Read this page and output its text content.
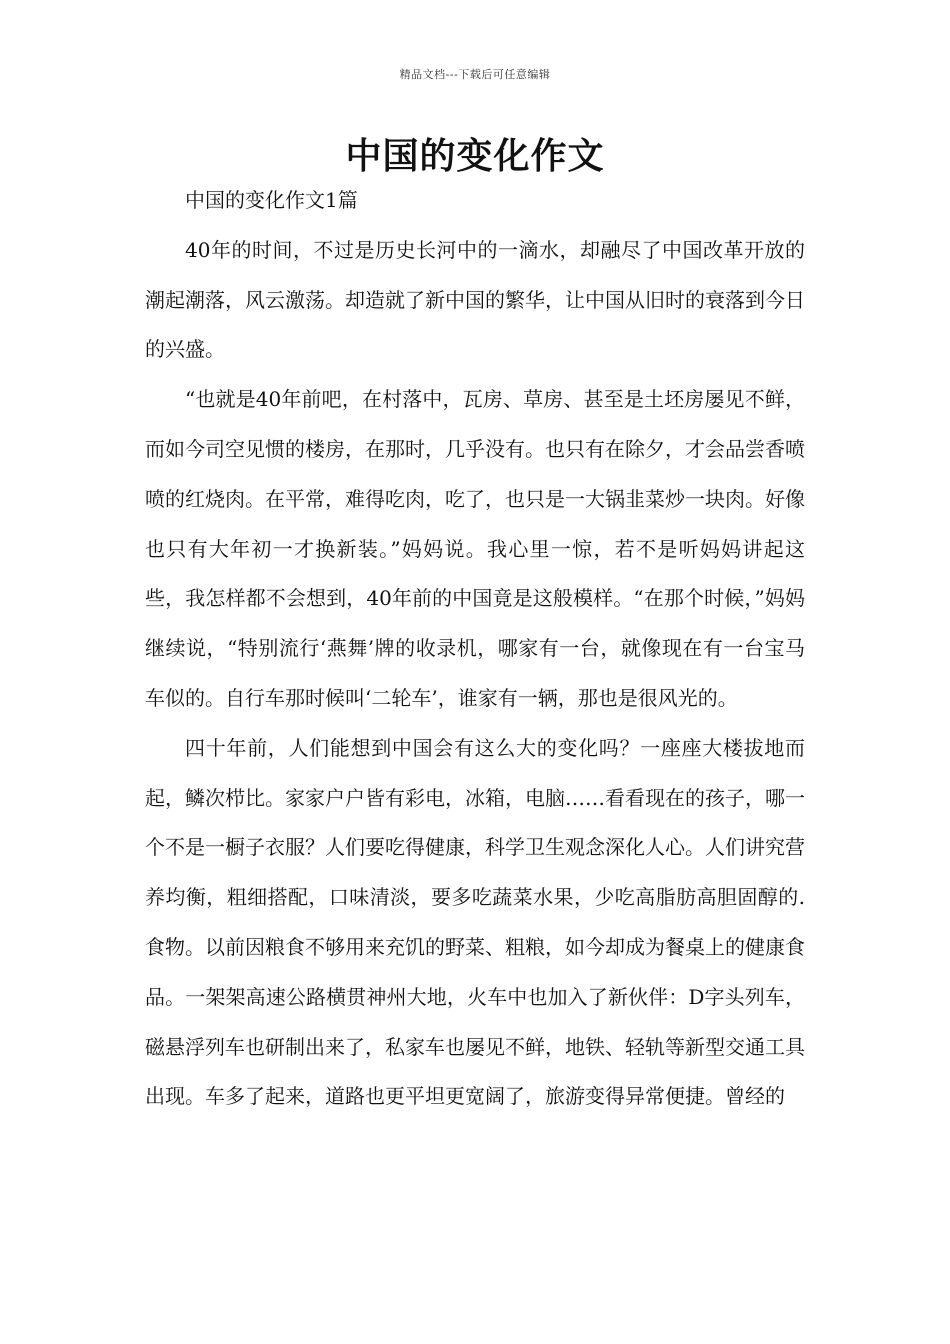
精品文档---下载后可任意编辑
中国的变化作文

中国的变化作文1篇

40年的时间，不过是历史长河中的一滴水，却融尽了中国改革开放的潮起潮落，风云激荡。却造就了新中国的繁华，让中国从旧时的衰落到今日的兴盛。

“也就是40年前吧，在村落中，瓦房、草房、甚至是土坯房屡见不鲜，而如今司空见惯的楼房，在那时，几乎没有。也只有在除夕，才会品尝香喷喷的红烧肉。在平常，难得吃肉，吃了，也只是一大锅韭菜炒一块肉。好像也只有大年初一才换新装。”妈妈说。我心里一惊，若不是听妈妈讲起这些，我怎样都不会想到，40年前的中国竟是这般模样。“在那个时候，”妈妈继续说，“特别流行‘燕舞’牌的收录机，哪家有一台，就像现在有一台宝马车似的。自行车那时候叫‘二轮车’，谁家有一辆，那也是很风光的。

四十年前，人们能想到中国会有这么大的变化吗？一座座大楼拔地而起，鳞次栉比。家家户户皆有彩电，冰箱，电脑……看看现在的孩子，哪一个不是一橱子衣服？人们要吃得健康，科学卫生观念深化人心。人们讲究营养均衡，粗细搭配，口味清淡，要多吃蔬菜水果，少吃高脂肪高胆固醇的.食物。以前因粮食不够用来充饥的野菜、粗粮，如今却成为餐桌上的健康食品。一架架高速公路横贯神州大地，火车中也加入了新伙伴：D字头列车，磁悬浮列车也研制出来了，私家车也屡见不鲜，地铁、轻轨等新型交通工具出现。车多了起来，道路也更平坦更宽阔了，旅游变得异常便捷。曾经的
